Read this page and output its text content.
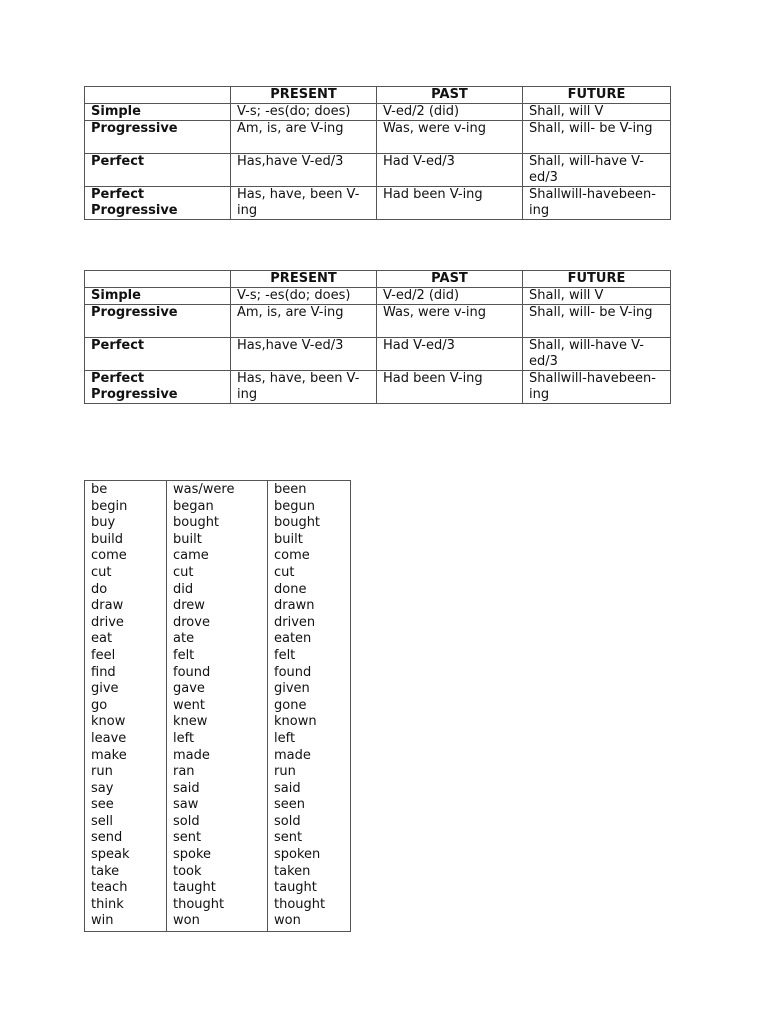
	PRESENT	PAST	FUTURE
Simple	V-s; -es(do; does)	V-ed/2 (did)	Shall, will V
Progressive	Am, is, are V-ing	Was, were v-ing	Shall, will- be V-ing
Perfect	Has,have V-ed/3	Had V-ed/3	Shall, will-have V-ed/3
Perfect Progressive	Has, have, been V-ing	Had been V-ing	Shallwill-havebeen-ing
	PRESENT	PAST	FUTURE
Simple	V-s; -es(do; does)	V-ed/2 (did)	Shall, will V
Progressive	Am, is, are V-ing	Was, were v-ing	Shall, will- be V-ing
Perfect	Has,have V-ed/3	Had V-ed/3	Shall, will-have V-ed/3
Perfect Progressive	Has, have, been V-ing	Had been V-ing	Shallwill-havebeen-ing
be	was/were	been
begin	began	begun
buy	bought	bought
build	built	built
come	came	come
cut	cut	cut
do	did	done
draw	drew	drawn
drive	drove	driven
eat	ate	eaten
feel	felt	felt
find	found	found
give	gave	given
go	went	gone
know	knew	known
leave	left	left
make	made	made
run	ran	run
say	said	said
see	saw	seen
sell	sold	sold
send	sent	sent
speak	spoke	spoken
take	took	taken
teach	taught	taught
think	thought	thought
win	won	won
